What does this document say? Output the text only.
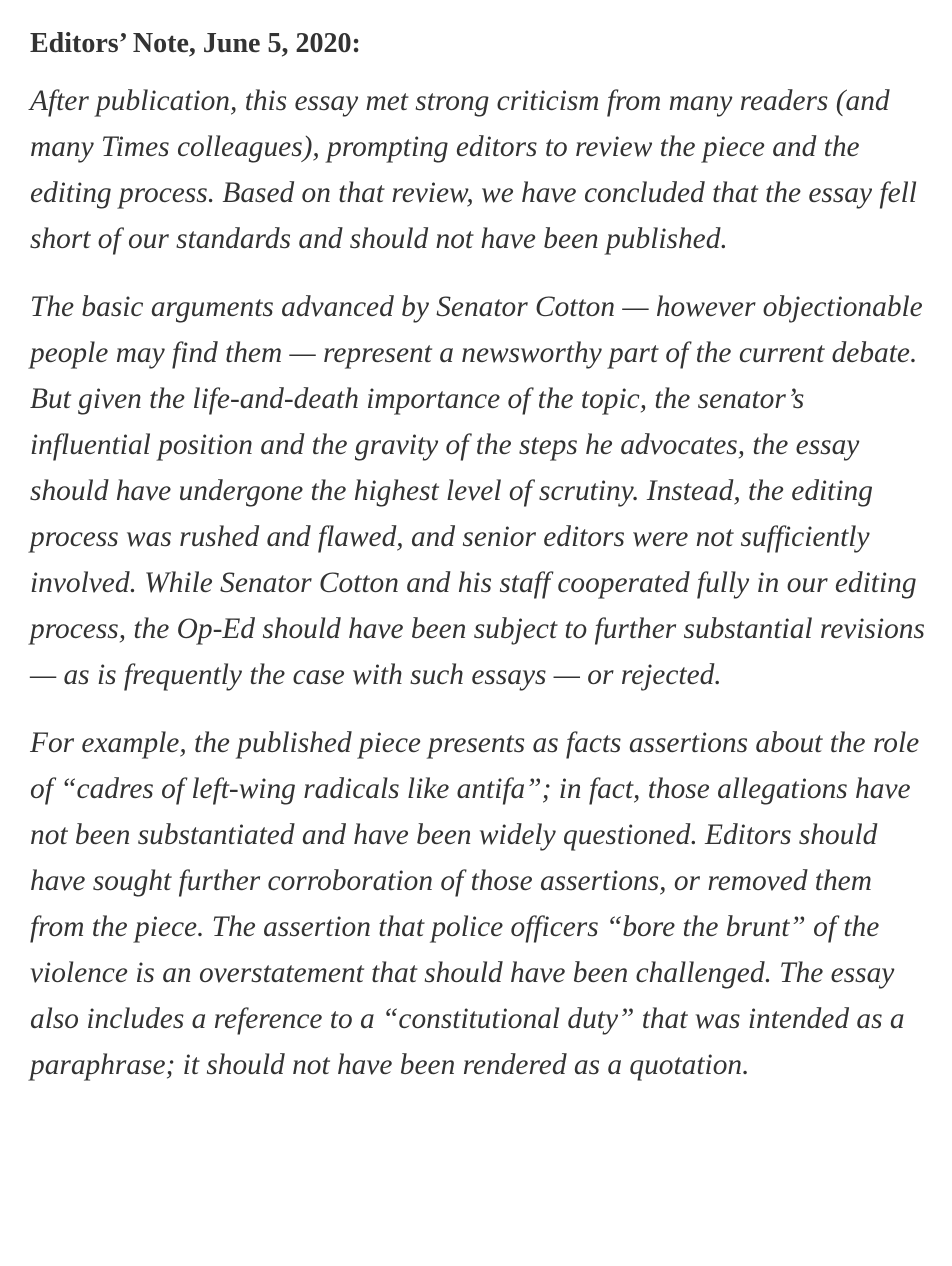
Editors’ Note, June 5, 2020:

After publication, this essay met strong criticism from many readers (and many Times colleagues), prompting editors to review the piece and the editing process. Based on that review, we have concluded that the essay fell short of our standards and should not have been published.

The basic arguments advanced by Senator Cotton — however objectionable people may find them — represent a newsworthy part of the current debate. But given the life-and-death importance of the topic, the senator’s influential position and the gravity of the steps he advocates, the essay should have undergone the highest level of scrutiny. Instead, the editing process was rushed and flawed, and senior editors were not sufficiently involved. While Senator Cotton and his staff cooperated fully in our editing process, the Op-Ed should have been subject to further substantial revisions — as is frequently the case with such essays — or rejected.

For example, the published piece presents as facts assertions about the role of “cadres of left-wing radicals like antifa”; in fact, those allegations have not been substantiated and have been widely questioned. Editors should have sought further corroboration of those assertions, or removed them from the piece. The assertion that police officers “bore the brunt” of the violence is an overstatement that should have been challenged. The essay also includes a reference to a “constitutional duty” that was intended as a paraphrase; it should not have been rendered as a quotation.
